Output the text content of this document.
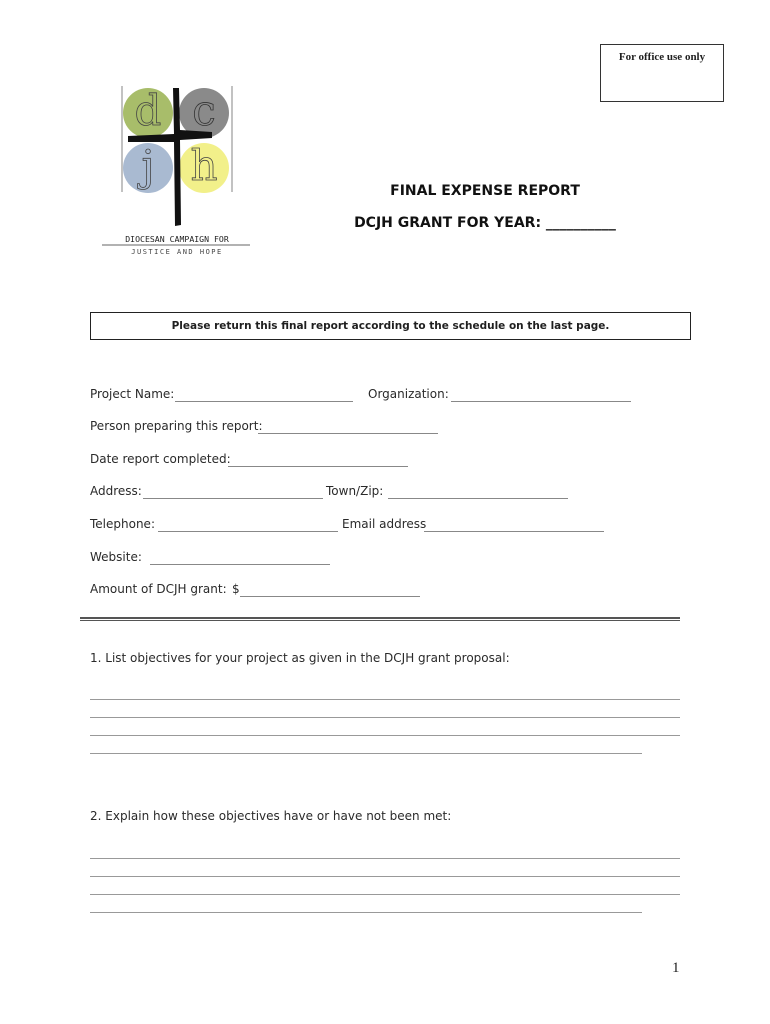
For office use only
d c
j h
DIOCESAN CAMPAIGN FOR
JUSTICE AND HOPE
FINAL EXPENSE REPORT
DCJH GRANT FOR YEAR: __________
Please return this final report according to the schedule on the last page.
Project Name:	Organization:
Person preparing this report:
Date report completed:
Address:	Town/Zip:
Telephone:	Email address
Website:
Amount of DCJH grant: $
1. List objectives for your project as given in the DCJH grant proposal:
2. Explain how these objectives have or have not been met:
1
